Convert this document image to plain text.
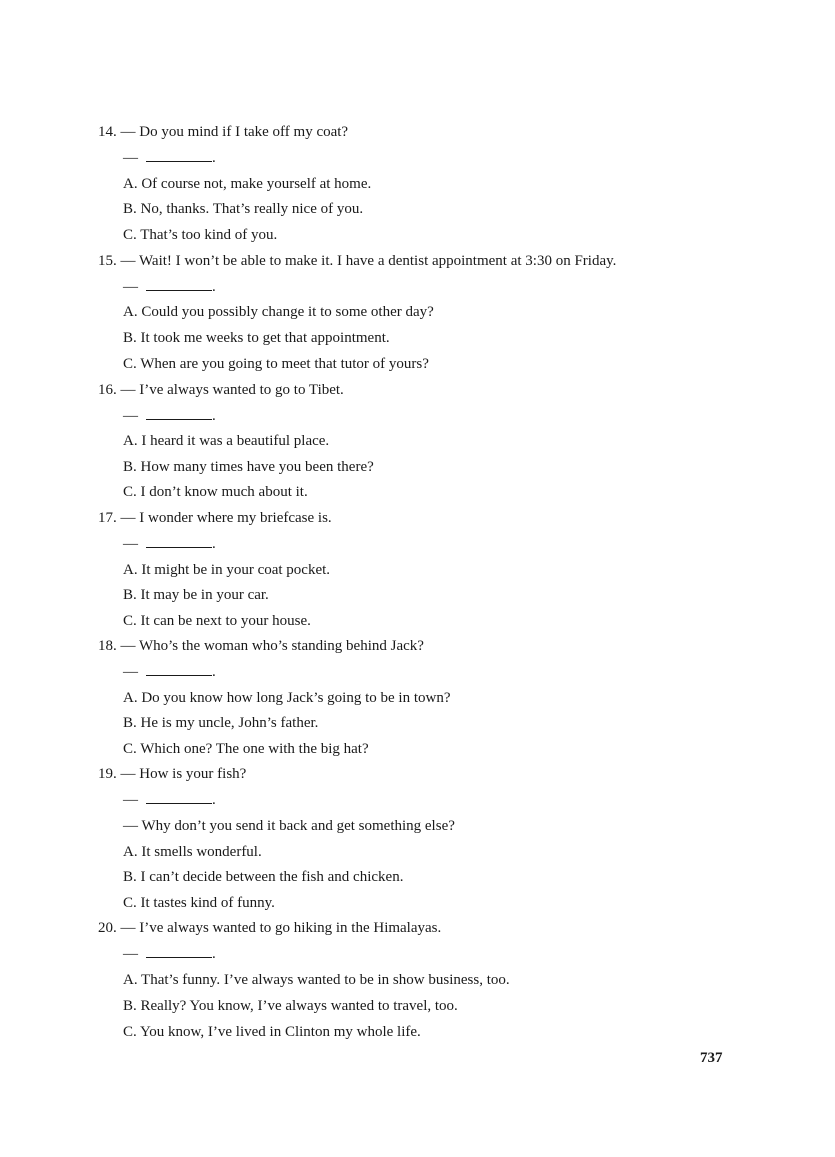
14. — Do you mind if I take off my coat?
—	.
A. Of course not, make yourself at home.
B. No, thanks. That’s really nice of you.
C. That’s too kind of you.
15. — Wait! I won’t be able to make it. I have a dentist appointment at 3:30 on Friday.
—	.
A. Could you possibly change it to some other day?
B. It took me weeks to get that appointment.
C. When are you going to meet that tutor of yours?
16. — I’ve always wanted to go to Tibet.
—	.
A. I heard it was a beautiful place.
B. How many times have you been there?
C. I don’t know much about it.
17. — I wonder where my briefcase is.
—	.
A. It might be in your coat pocket.
B. It may be in your car.
C. It can be next to your house.
18. — Who’s the woman who’s standing behind Jack?
—	.
A. Do you know how long Jack’s going to be in town?
B. He is my uncle, John’s father.
C. Which one? The one with the big hat?
19. — How is your fish?
—	.
— Why don’t you send it back and get something else?
A. It smells wonderful.
B. I can’t decide between the fish and chicken.
C. It tastes kind of funny.
20. — I’ve always wanted to go hiking in the Himalayas.
—	.
A. That’s funny. I’ve always wanted to be in show business, too.
B. Really? You know, I’ve always wanted to travel, too.
C. You know, I’ve lived in Clinton my whole life.
737
